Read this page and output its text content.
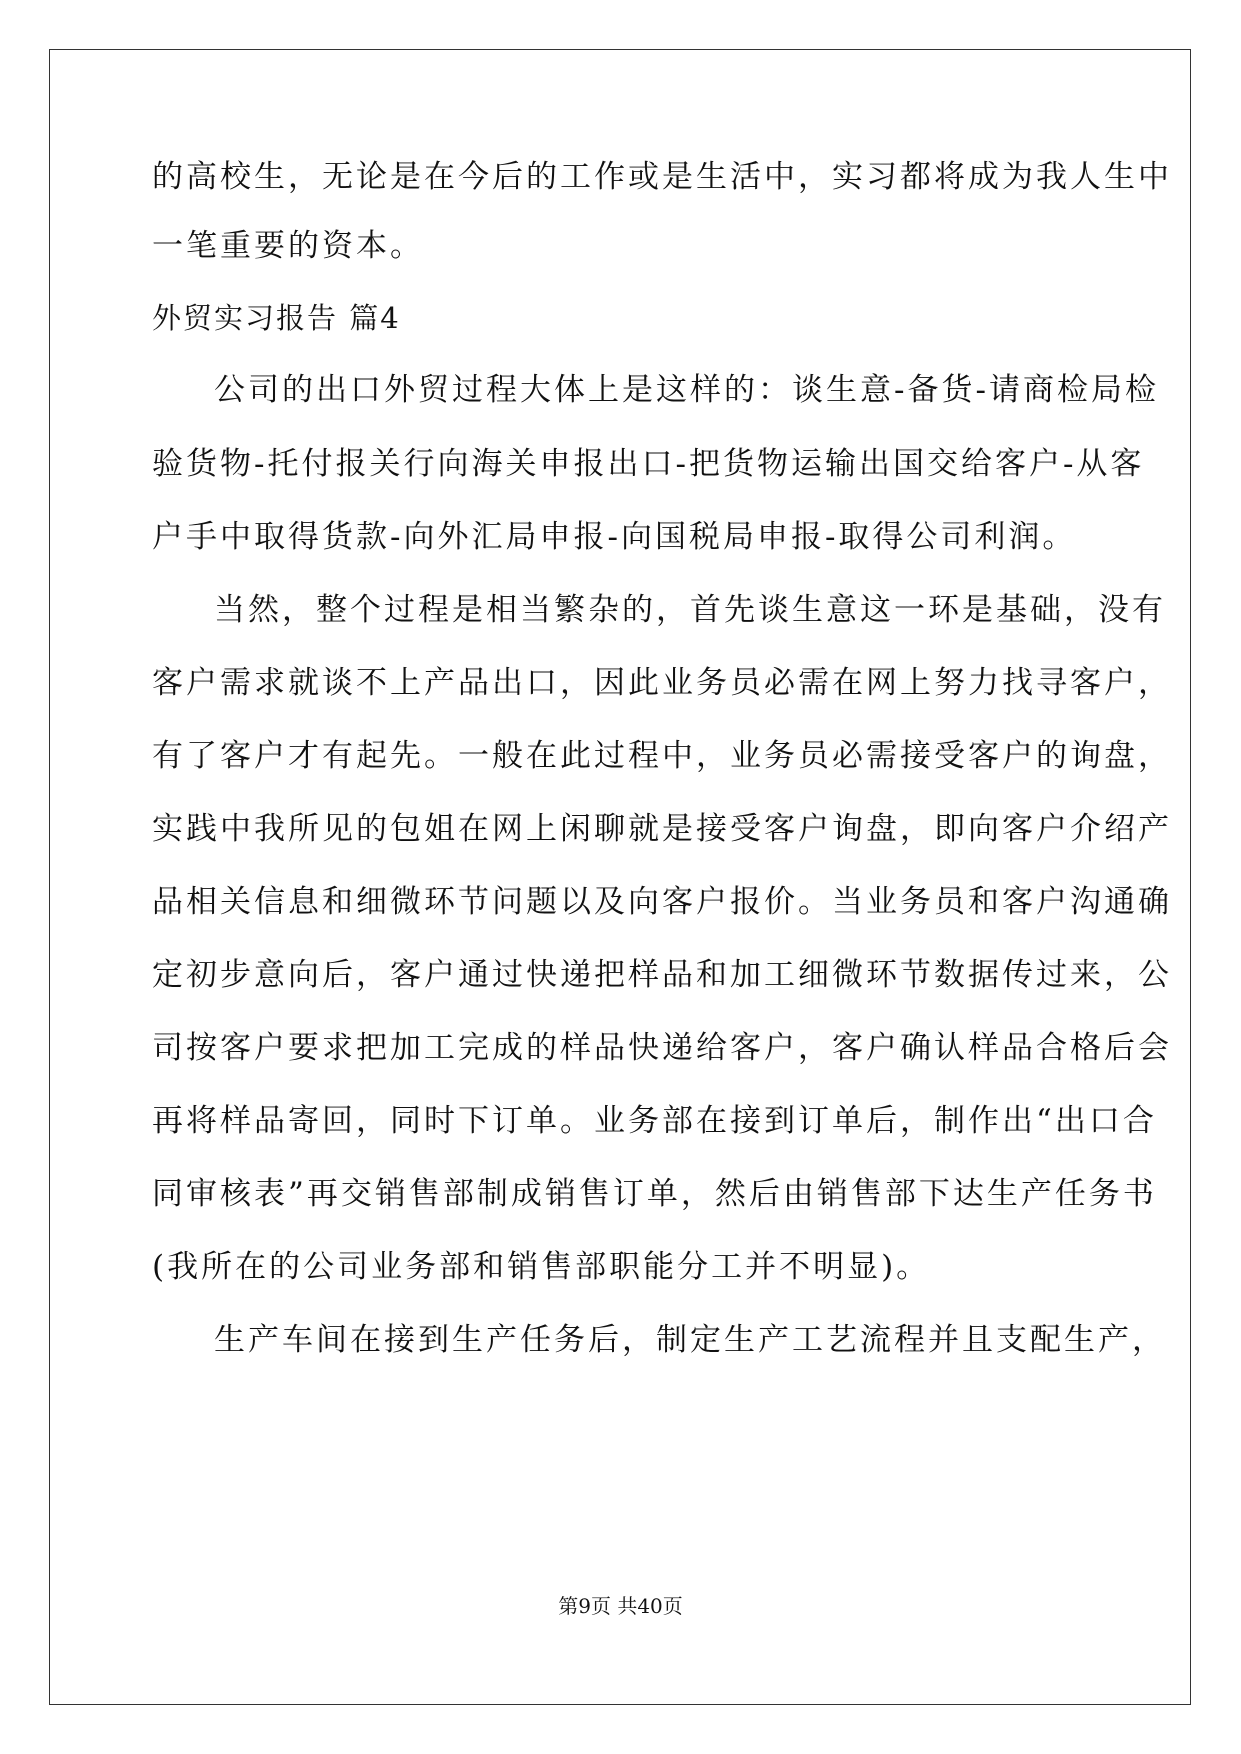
的高校生，无论是在今后的工作或是生活中，实习都将成为我人生中
一笔重要的资本。
外贸实习报告 篇4
公司的出口外贸过程大体上是这样的：谈生意-备货-请商检局检
验货物-托付报关行向海关申报出口-把货物运输出国交给客户-从客
户手中取得货款-向外汇局申报-向国税局申报-取得公司利润。
当然，整个过程是相当繁杂的，首先谈生意这一环是基础，没有
客户需求就谈不上产品出口，因此业务员必需在网上努力找寻客户，
有了客户才有起先。一般在此过程中，业务员必需接受客户的询盘，
实践中我所见的包姐在网上闲聊就是接受客户询盘，即向客户介绍产
品相关信息和细微环节问题以及向客户报价。当业务员和客户沟通确
定初步意向后，客户通过快递把样品和加工细微环节数据传过来，公
司按客户要求把加工完成的样品快递给客户，客户确认样品合格后会
再将样品寄回，同时下订单。业务部在接到订单后，制作出“出口合
同审核表”再交销售部制成销售订单，然后由销售部下达生产任务书
(我所在的公司业务部和销售部职能分工并不明显)。
生产车间在接到生产任务后，制定生产工艺流程并且支配生产，
第9页 共40页
